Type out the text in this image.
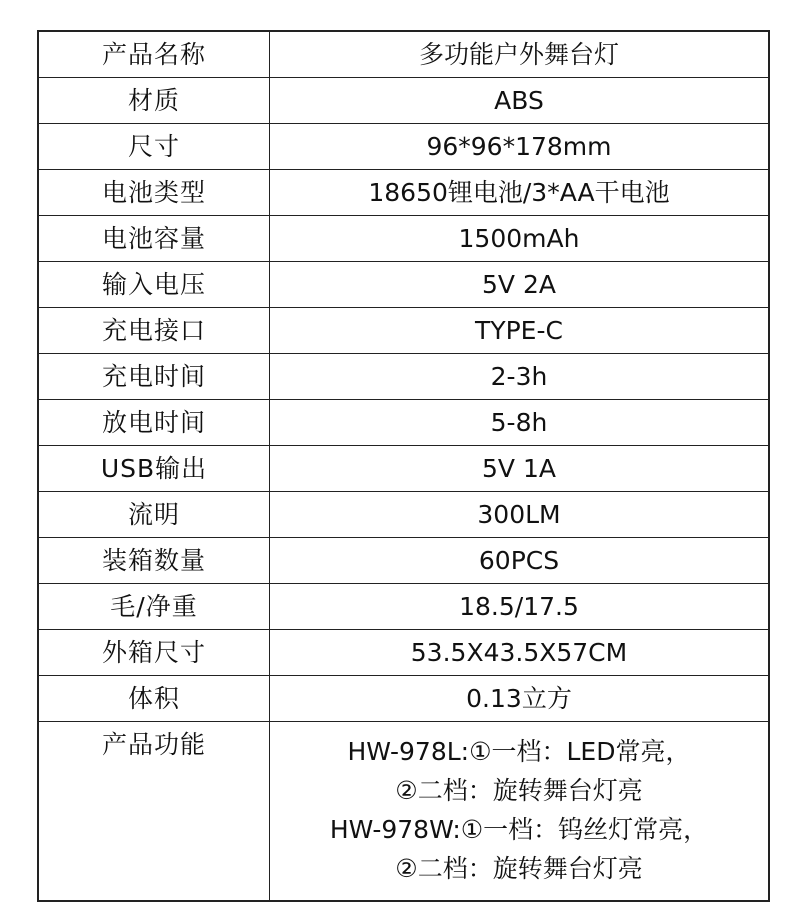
产品名称	多功能户外舞台灯
材质	ABS
尺寸	96*96*178mm
电池类型	18650锂电池/3*AA干电池
电池容量	1500mAh
输入电压	5V 2A
充电接口	TYPE-C
充电时间	2-3h
放电时间	5-8h
USB输出	5V 1A
流明	300LM
装箱数量	60PCS
毛/净重	18.5/17.5
外箱尺寸	53.5X43.5X57CM
体积	0.13立方
产品功能	HW-978L:①一档：LED常亮，
②二档：旋转舞台灯亮
HW-978W:①一档：钨丝灯常亮，
②二档：旋转舞台灯亮
